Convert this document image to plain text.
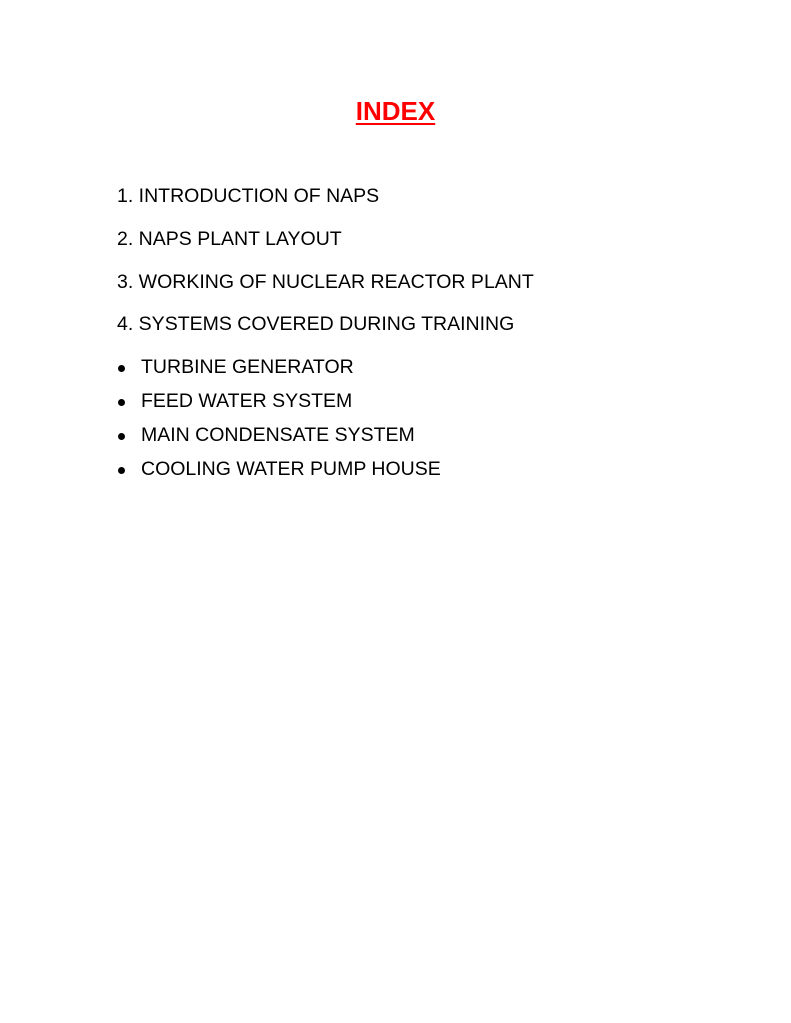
INDEX
1. INTRODUCTION OF NAPS
2. NAPS PLANT LAYOUT
3. WORKING OF NUCLEAR REACTOR PLANT
4. SYSTEMS COVERED DURING TRAINING
TURBINE GENERATOR
FEED WATER SYSTEM
MAIN CONDENSATE SYSTEM
COOLING WATER PUMP HOUSE
